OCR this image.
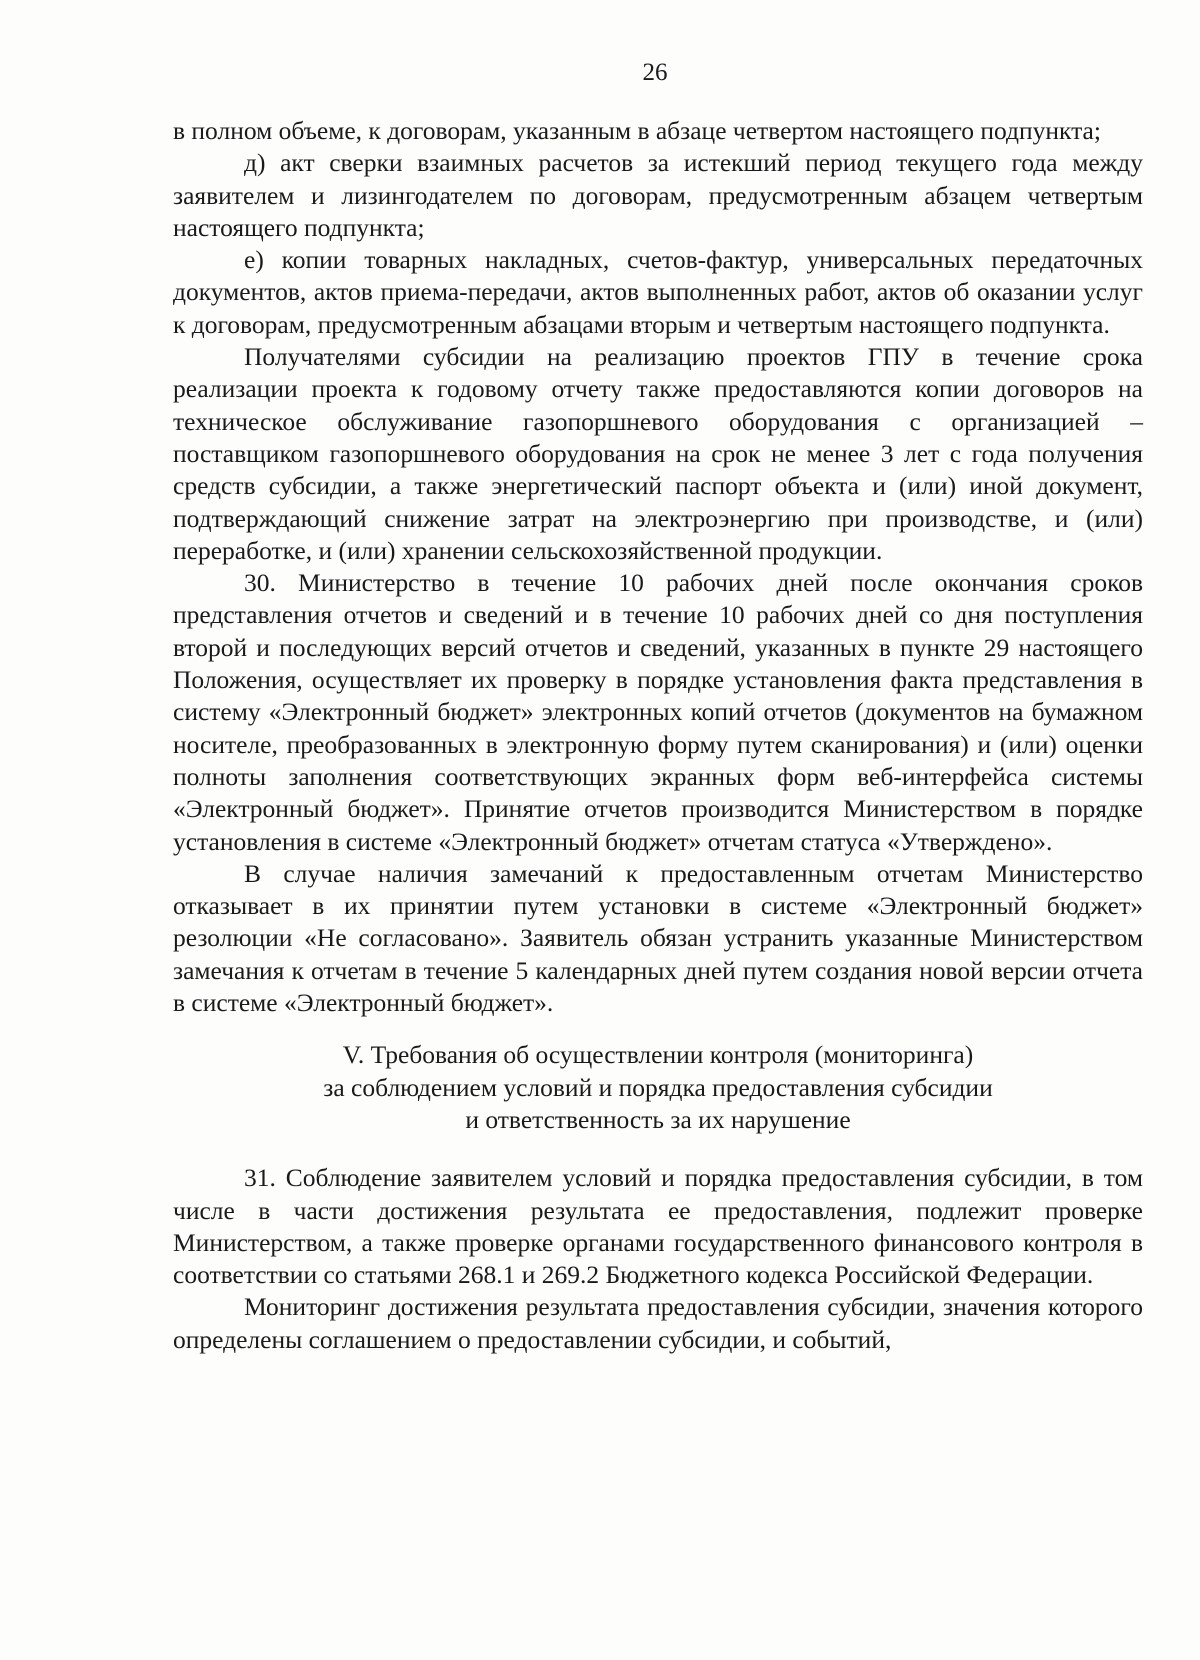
26

в полном объеме, к договорам, указанным в абзаце четвертом настоящего подпункта;

д) акт сверки взаимных расчетов за истекший период текущего года между заявителем и лизингодателем по договорам, предусмотренным абзацем четвертым настоящего подпункта;

е) копии товарных накладных, счетов-фактур, универсальных передаточных документов, актов приема-передачи, актов выполненных работ, актов об оказании услуг к договорам, предусмотренным абзацами вторым и четвертым настоящего подпункта.

Получателями субсидии на реализацию проектов ГПУ в течение срока реализации проекта к годовому отчету также предоставляются копии договоров на техническое обслуживание газопоршневого оборудования с организацией – поставщиком газопоршневого оборудования на срок не менее 3 лет с года получения средств субсидии, а также энергетический паспорт объекта и (или) иной документ, подтверждающий снижение затрат на электроэнергию при производстве, и (или) переработке, и (или) хранении сельскохозяйственной продукции.

30. Министерство в течение 10 рабочих дней после окончания сроков представления отчетов и сведений и в течение 10 рабочих дней со дня поступления второй и последующих версий отчетов и сведений, указанных в пункте 29 настоящего Положения, осуществляет их проверку в порядке установления факта представления в систему «Электронный бюджет» электронных копий отчетов (документов на бумажном носителе, преобразованных в электронную форму путем сканирования) и (или) оценки полноты заполнения соответствующих экранных форм веб-интерфейса системы «Электронный бюджет». Принятие отчетов производится Министерством в порядке установления в системе «Электронный бюджет» отчетам статуса «Утверждено».

В случае наличия замечаний к предоставленным отчетам Министерство отказывает в их принятии путем установки в системе «Электронный бюджет» резолюции «Не согласовано». Заявитель обязан устранить указанные Министерством замечания к отчетам в течение 5 календарных дней путем создания новой версии отчета в системе «Электронный бюджет».

V. Требования об осуществлении контроля (мониторинга)
за соблюдением условий и порядка предоставления субсидии
и ответственность за их нарушение

31. Соблюдение заявителем условий и порядка предоставления субсидии, в том числе в части достижения результата ее предоставления, подлежит проверке Министерством, а также проверке органами государственного финансового контроля в соответствии со статьями 268.1 и 269.2 Бюджетного кодекса Российской Федерации.

Мониторинг достижения результата предоставления субсидии, значения которого определены соглашением о предоставлении субсидии, и событий,
